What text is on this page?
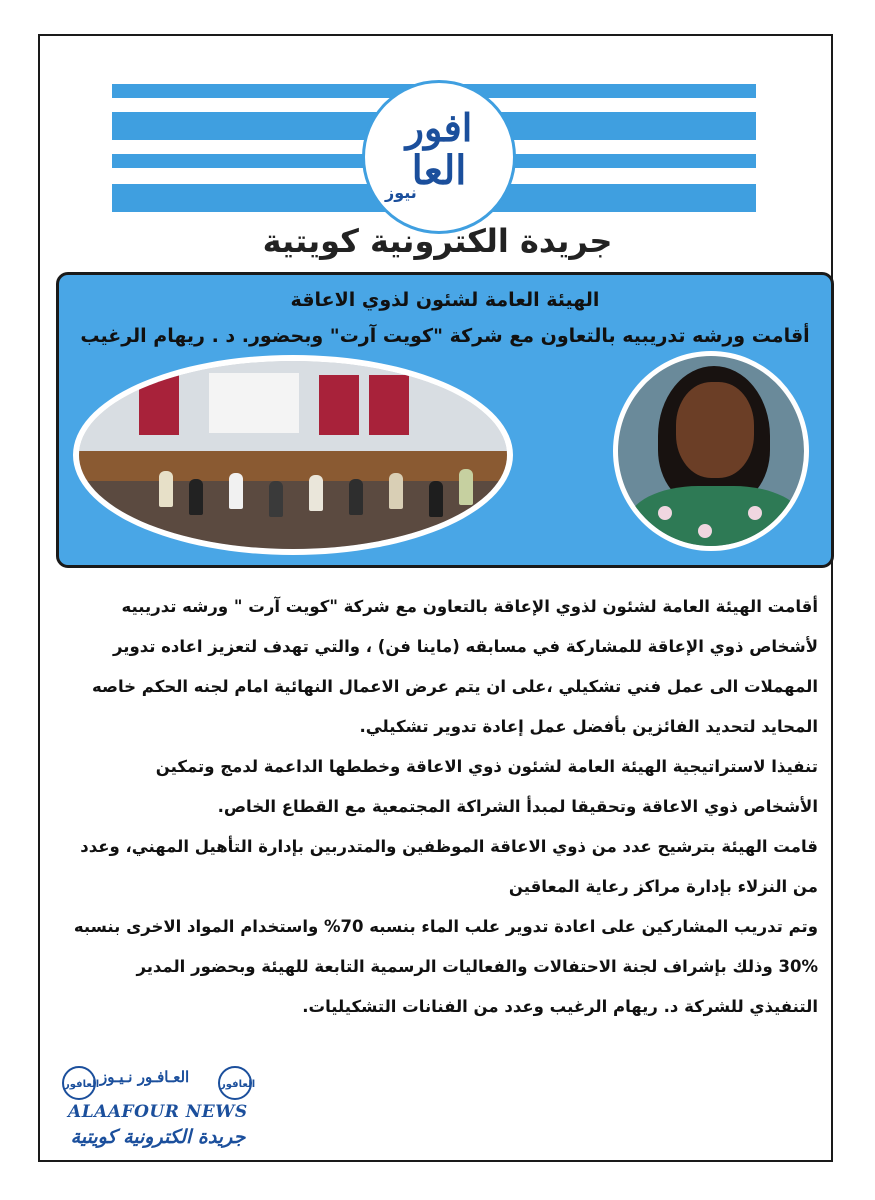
افور
العا
نيوز
جريدة الكترونية كويتية
الهيئة العامة لشئون لذوي الاعاقة
أقامت ورشه تدريبيه بالتعاون مع شركة "كويت آرت" وبحضور. د . ريهام الرغيب

أقامت الهيئة العامة لشئون لذوي الإعاقة بالتعاون مع شركة "كويت آرت " ورشه تدريبيه

لأشخاص ذوي الإعاقة للمشاركة في مسابقه (ماينا فن) ، والتي تهدف لتعزيز اعاده تدوير

المهملات الى عمل فني تشكيلي ،على ان يتم عرض الاعمال النهائية امام لجنه الحكم خاصه

المحايد لتحديد الفائزين بأفضل عمل إعادة تدوير تشكيلي.

تنفيذا لاستراتيجية الهيئة العامة لشئون ذوي الاعاقة وخططها الداعمة لدمج وتمكين

الأشخاص ذوي الاعاقة وتحقيقا لمبدأ الشراكة المجتمعية مع القطاع الخاص.

قامت الهيئة بترشيح عدد من ذوي الاعاقة الموظفين والمتدربين بإدارة التأهيل المهني، وعدد

من النزلاء بإدارة مراكز رعاية المعاقين

وتم تدريب المشاركين على اعادة تدوير علب الماء بنسبه 70% واستخدام المواد الاخرى بنسبه

30% وذلك بإشراف لجنة الاحتفالات والفعاليات الرسمية التابعة للهيئة وبحضور المدير

التنفيذي للشركة د. ريهام الرغيب وعدد من الفنانات التشكيليات.

العافور العـافـور نـيـوز	العافور
ALAAFOUR NEWS
جريدة الكترونية كويتية
